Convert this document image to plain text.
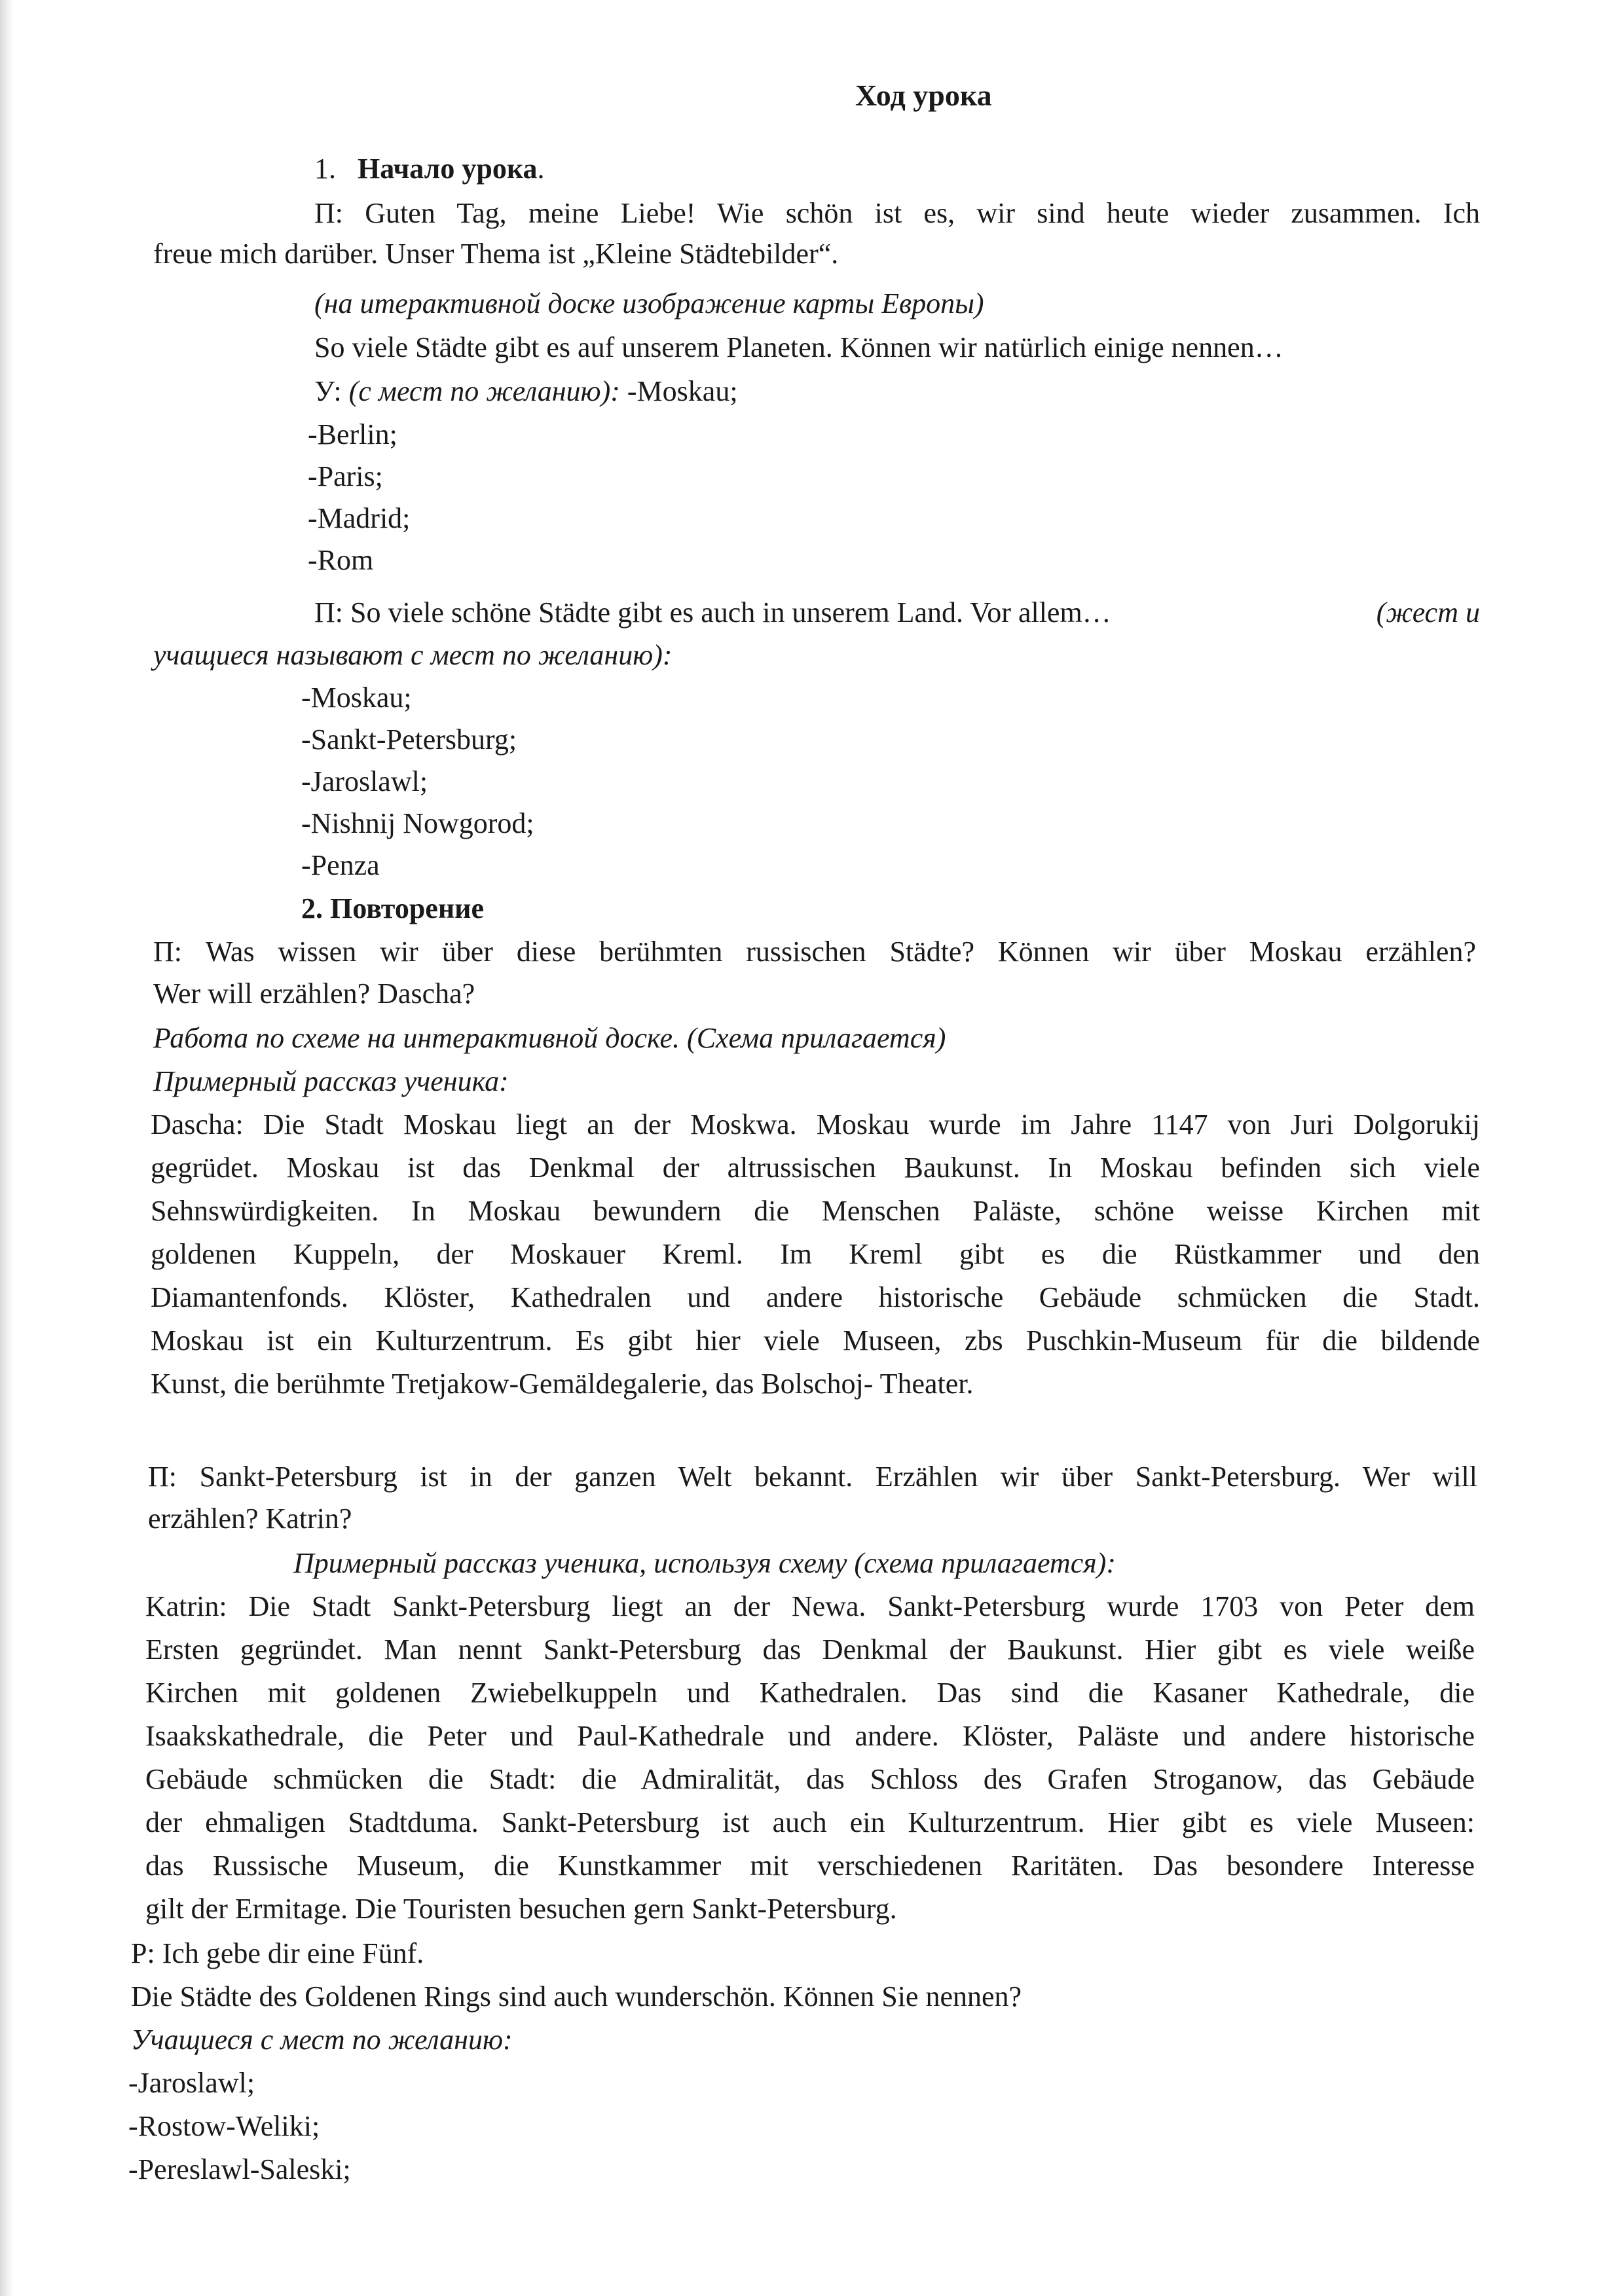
Ход урока
1. Начало урока.
П: Guten Tag, meine Liebe! Wie schön ist es, wir sind heute wieder zusammen. Ich
freue mich darüber. Unser Thema ist „Kleine Städtebilder“.
(на итерактивной доске изображение карты Европы)
So viele Städte gibt es auf unserem Planeten. Können wir natürlich einige nennen…
У: (с мест по желанию): -Moskau;
-Berlin;
-Paris;
-Madrid;
-Rom
П: So viele schöne Städte gibt es auch in unserem Land. Vor allem…	(жест и
учащиеся называют с мест по желанию):
-Moskau;
-Sankt-Petersburg;
-Jaroslawl;
-Nishnij Nowgorod;
-Penza
2. Повторение
П: Was wissen wir über diese berühmten russischen Städte? Können wir über Moskau erzählen?
Wer will erzählen? Dascha?
Работа по схеме на интерактивной доске. (Схема прилагается)
Примерный рассказ ученика:
Dascha: Die Stadt Moskau liegt an der Moskwa. Moskau wurde im Jahre 1147 von Juri Dolgorukij
gegrüdet. Moskau ist das Denkmal der altrussischen Baukunst. In Moskau befinden sich viele
Sehnswürdigkeiten. In Moskau bewundern die Menschen Paläste, schöne weisse Kirchen mit
goldenen Kuppeln, der Moskauer Kreml. Im Kreml gibt es die Rüstkammer und den
Diamantenfonds. Klöster, Kathedralen und andere historische Gebäude schmücken die Stadt.
Moskau ist ein Kulturzentrum. Es gibt hier viele Museen, zbs Puschkin-Museum für die bildende
Kunst, die berühmte Tretjakow-Gemäldegalerie, das Bolschoj- Theater.
П: Sankt-Petersburg ist in der ganzen Welt bekannt. Erzählen wir über Sankt-Petersburg. Wer will
erzählen? Katrin?
Примерный рассказ ученика, используя схему (схема прилагается):
Katrin: Die Stadt Sankt-Petersburg liegt an der Newa. Sankt-Petersburg wurde 1703 von Peter dem
Ersten gegründet. Man nennt Sankt-Petersburg das Denkmal der Baukunst. Hier gibt es viele weiße
Kirchen mit goldenen Zwiebelkuppeln und Kathedralen. Das sind die Kasaner Kathedrale, die
Isaakskathedrale, die Peter und Paul-Kathedrale und andere. Klöster, Paläste und andere historische
Gebäude schmücken die Stadt: die Admiralität, das Schloss des Grafen Stroganow, das Gebäude
der ehmaligen Stadtduma. Sankt-Petersburg ist auch ein Kulturzentrum. Hier gibt es viele Museen:
das Russische Museum, die Kunstkammer mit verschiedenen Raritäten. Das besondere Interesse
gilt der Ermitage. Die Touristen besuchen gern Sankt-Petersburg.
P: Ich gebe dir eine Fünf.
Die Städte des Goldenen Rings sind auch wunderschön. Können Sie nennen?
Учащиеся с мест по желанию:
-Jaroslawl;
-Rostow-Weliki;
-Pereslawl-Saleski;
